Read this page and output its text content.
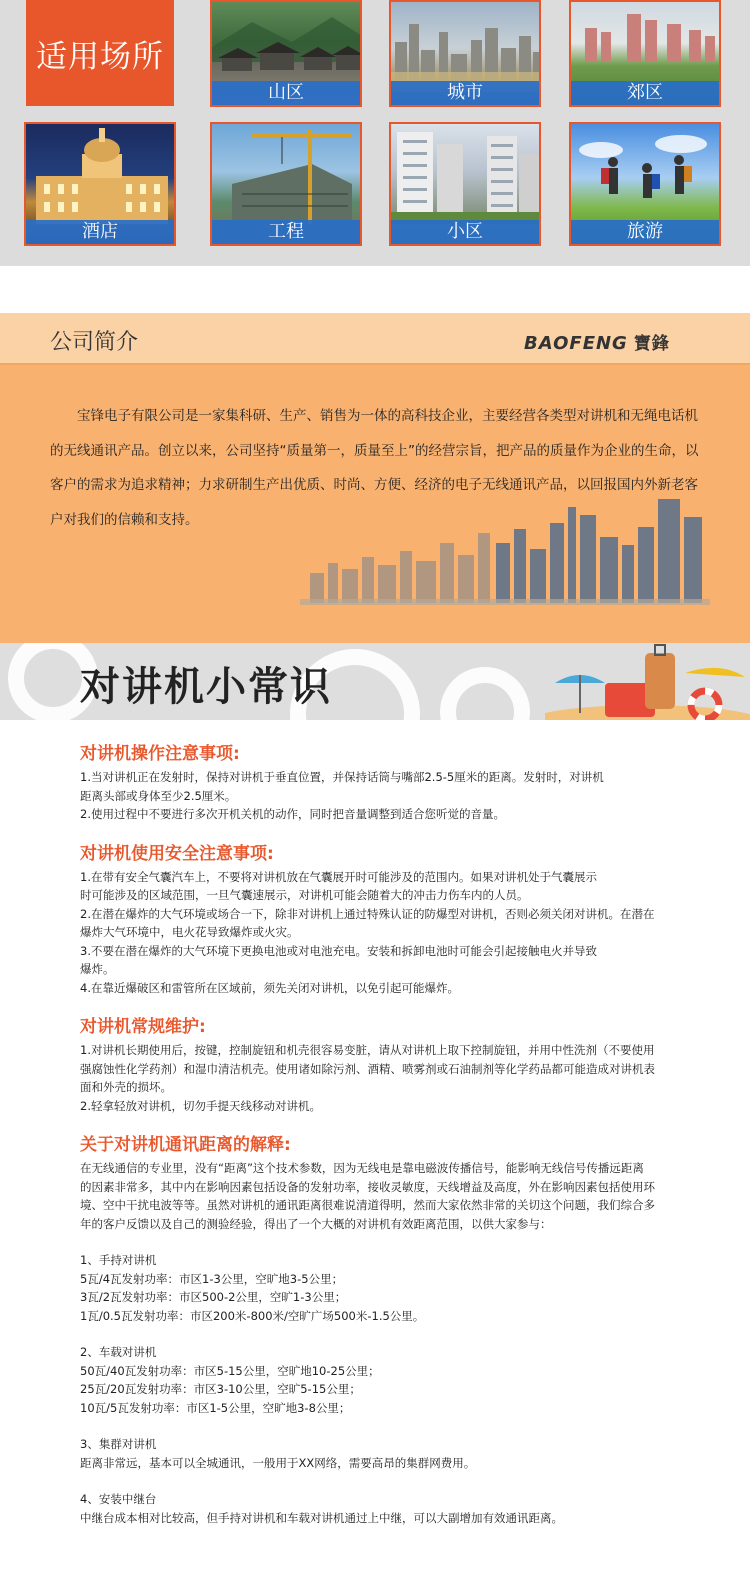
适用场所
山区	城市	郊区
酒店	工程	小区	旅游
公司简介	BAOFENG 寶鋒

宝锋电子有限公司是一家集科研、生产、销售为一体的高科技企业，主要经营各类型对讲机和无绳电话机的无线通讯产品。创立以来，公司坚持“质量第一，质量至上”的经营宗旨，把产品的质量作为企业的生命，以客户的需求为追求精神；力求研制生产出优质、时尚、方便、经济的电子无线通讯产品，以回报国内外新老客户对我们的信赖和支持。

对讲机小常识
对讲机操作注意事项:
1.当对讲机正在发射时，保持对讲机于垂直位置，并保持话筒与嘴部2.5-5厘米的距离。发射时，对讲机
距离头部或身体至少2.5厘米。
2.使用过程中不要进行多次开机关机的动作，同时把音量调整到适合您听觉的音量。
对讲机使用安全注意事项:
1.在带有安全气囊汽车上，不要将对讲机放在气囊展开时可能涉及的范围内。如果对讲机处于气囊展示
时可能涉及的区域范围，一旦气囊速展示，对讲机可能会随着大的冲击力伤车内的人员。
2.在潜在爆炸的大气环境或场合一下，除非对讲机上通过特殊认证的防爆型对讲机，否则必须关闭对讲机。在潜在
爆炸大气环境中，电火花导致爆炸或火灾。
3.不要在潜在爆炸的大气环境下更换电池或对电池充电。安装和拆卸电池时可能会引起接触电火并导致
爆炸。
4.在靠近爆破区和雷管所在区域前，须先关闭对讲机，以免引起可能爆炸。
对讲机常规维护:
1.对讲机长期使用后，按键，控制旋钮和机壳很容易变脏，请从对讲机上取下控制旋钮，并用中性洗剂（不要使用
强腐蚀性化学药剂）和湿巾清洁机壳。使用诸如除污剂、酒精、喷雾剂或石油制剂等化学药品都可能造成对讲机表
面和外壳的损坏。
2.轻拿轻放对讲机，切勿手提天线移动对讲机。
关于对讲机通讯距离的解释:
在无线通信的专业里，没有“距离”这个技术参数，因为无线电是靠电磁波传播信号，能影响无线信号传播远距离
的因素非常多，其中内在影响因素包括设备的发射功率，接收灵敏度，天线增益及高度，外在影响因素包括使用环
境、空中干扰电波等等。虽然对讲机的通讯距离很难说清道得明，然而大家依然非常的关切这个问题，我们综合多
年的客户反馈以及自己的测验经验，得出了一个大概的对讲机有效距离范围，以供大家参与：
1、手持对讲机
5瓦/4瓦发射功率：市区1-3公里，空旷地3-5公里；
3瓦/2瓦发射功率：市区500-2公里，空旷1-3公里；
1瓦/0.5瓦发射功率：市区200米-800米/空旷广场500米-1.5公里。
2、车载对讲机
50瓦/40瓦发射功率：市区5-15公里，空旷地10-25公里；
25瓦/20瓦发射功率：市区3-10公里，空旷5-15公里；
10瓦/5瓦发射功率：市区1-5公里，空旷地3-8公里；
3、集群对讲机
距离非常远，基本可以全城通讯，一般用于XX网络，需要高昂的集群网费用。
4、安装中继台
中继台成本相对比较高，但手持对讲机和车载对讲机通过上中继，可以大副增加有效通讯距离。
